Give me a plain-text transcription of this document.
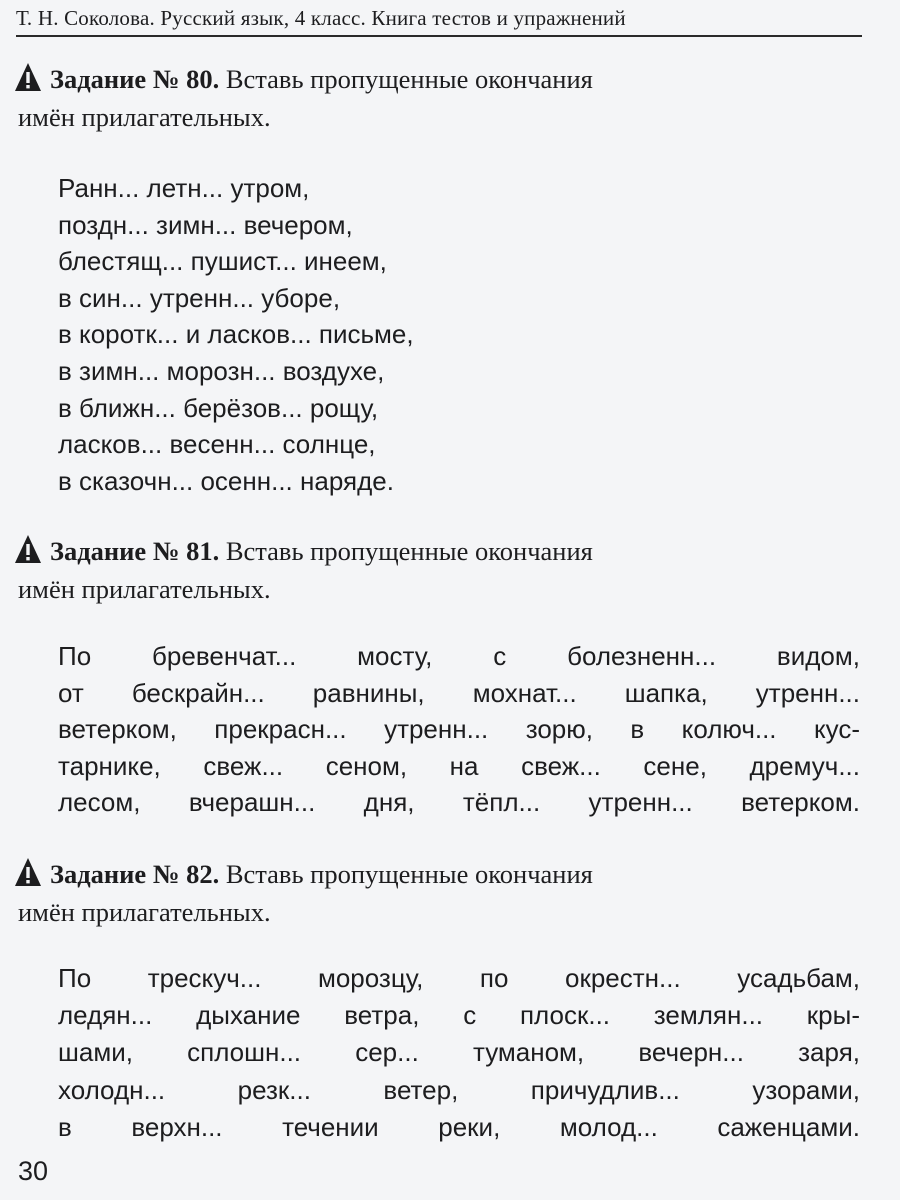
Т. Н. Соколова. Русский язык, 4 класс. Книга тестов и упражнений
Задание № 80. Вставь пропущенные окончания
имён прилагательных.
Ранн... летн... утром,
поздн... зимн... вечером,
блестящ... пушист... инеем,
в син... утренн... уборе,
в коротк... и ласков... письме,
в зимн... морозн... воздухе,
в ближн... берёзов... рощу,
ласков... весенн... солнце,
в сказочн... осенн... наряде.
Задание № 81. Вставь пропущенные окончания
имён прилагательных.
По бревенчат... мосту, с болезненн... видом,
от бескрайн... равнины, мохнат... шапка, утренн...
ветерком, прекрасн... утренн... зорю, в колюч... кус-
тарнике, свеж... сеном, на свеж... сене, дремуч...
лесом, вчерашн... дня, тёпл... утренн... ветерком.
Задание № 82. Вставь пропущенные окончания
имён прилагательных.
По трескуч... морозцу, по окрестн... усадьбам,
ледян... дыхание ветра, с плоск... землян... кры-
шами, сплошн... сер... туманом, вечерн... заря,
холодн... резк... ветер, причудлив... узорами,
в верхн... течении реки, молод... саженцами.
30
